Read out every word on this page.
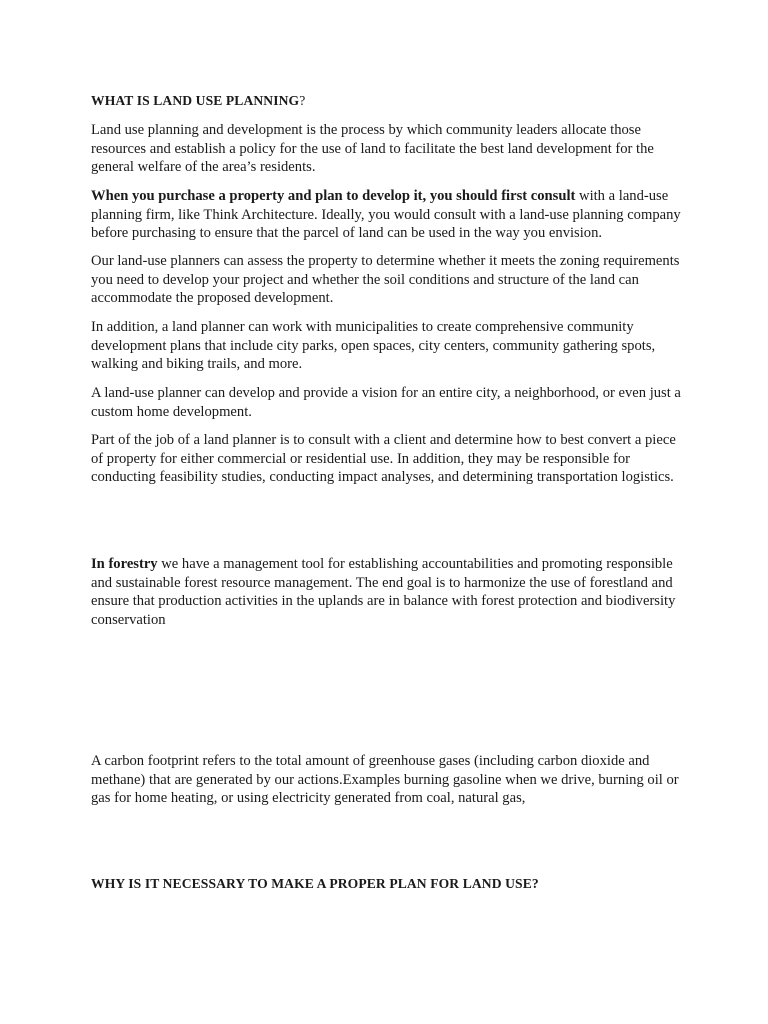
WHAT IS LAND USE PLANNING?

Land use planning and development is the process by which community leaders allocate those resources and establish a policy for the use of land to facilitate the best land development for the general welfare of the area’s residents.

When you purchase a property and plan to develop it, you should first consult with a land-use planning firm, like Think Architecture. Ideally, you would consult with a land-use planning company before purchasing to ensure that the parcel of land can be used in the way you envision.

Our land-use planners can assess the property to determine whether it meets the zoning requirements you need to develop your project and whether the soil conditions and structure of the land can accommodate the proposed development.

In addition, a land planner can work with municipalities to create comprehensive community development plans that include city parks, open spaces, city centers, community gathering spots, walking and biking trails, and more.

A land-use planner can develop and provide a vision for an entire city, a neighborhood, or even just a custom home development.

Part of the job of a land planner is to consult with a client and determine how to best convert a piece of property for either commercial or residential use. In addition, they may be responsible for conducting feasibility studies, conducting impact analyses, and determining transportation logistics.

In forestry we have a management tool for establishing accountabilities and promoting responsible and sustainable forest resource management. The end goal is to harmonize the use of forestland and ensure that production activities in the uplands are in balance with forest protection and biodiversity conservation

A carbon footprint refers to the total amount of greenhouse gases (including carbon dioxide and methane) that are generated by our actions.Examples burning gasoline when we drive, burning oil or gas for home heating, or using electricity generated from coal, natural gas,

WHY IS IT NECESSARY TO MAKE A PROPER PLAN FOR LAND USE?
